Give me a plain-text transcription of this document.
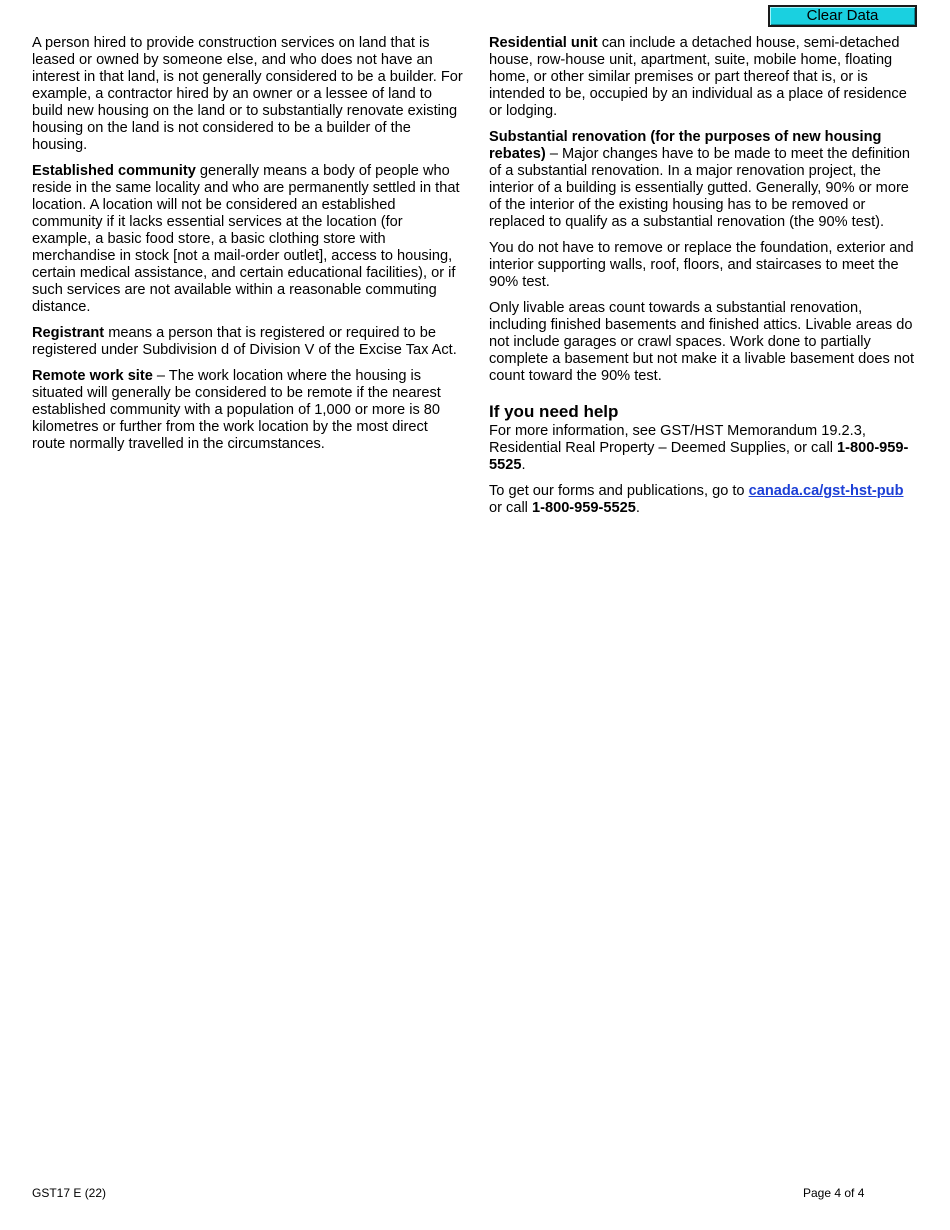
Clear Data

A person hired to provide construction services on land that is leased or owned by someone else, and who does not have an interest in that land, is not generally considered to be a builder. For example, a contractor hired by an owner or a lessee of land to build new housing on the land or to substantially renovate existing housing on the land is not considered to be a builder of the housing.

Established community generally means a body of people who reside in the same locality and who are permanently settled in that location. A location will not be considered an established community if it lacks essential services at the location (for example, a basic food store, a basic clothing store with merchandise in stock [not a mail-order outlet], access to housing, certain medical assistance, and certain educational facilities), or if such services are not available within a reasonable commuting distance.

Registrant means a person that is registered or required to be registered under Subdivision d of Division V of the Excise Tax Act.

Remote work site – The work location where the housing is situated will generally be considered to be remote if the nearest established community with a population of 1,000 or more is 80 kilometres or further from the work location by the most direct route normally travelled in the circumstances.

Residential unit can include a detached house, semi-detached house, row-house unit, apartment, suite, mobile home, floating home, or other similar premises or part thereof that is, or is intended to be, occupied by an individual as a place of residence or lodging.

Substantial renovation (for the purposes of new housing rebates) – Major changes have to be made to meet the definition of a substantial renovation. In a major renovation project, the interior of a building is essentially gutted. Generally, 90% or more of the interior of the existing housing has to be removed or replaced to qualify as a substantial renovation (the 90% test).

You do not have to remove or replace the foundation, exterior and interior supporting walls, roof, floors, and staircases to meet the 90% test.

Only livable areas count towards a substantial renovation, including finished basements and finished attics. Livable areas do not include garages or crawl spaces. Work done to partially complete a basement but not make it a livable basement does not count toward the 90% test.

If you need help

For more information, see GST/HST Memorandum 19.2.3, Residential Real Property – Deemed Supplies, or call 1-800-959-5525.

To get our forms and publications, go to canada.ca/gst-hst-pub or call 1-800-959-5525.

GST17 E (22)	Page 4 of 4
